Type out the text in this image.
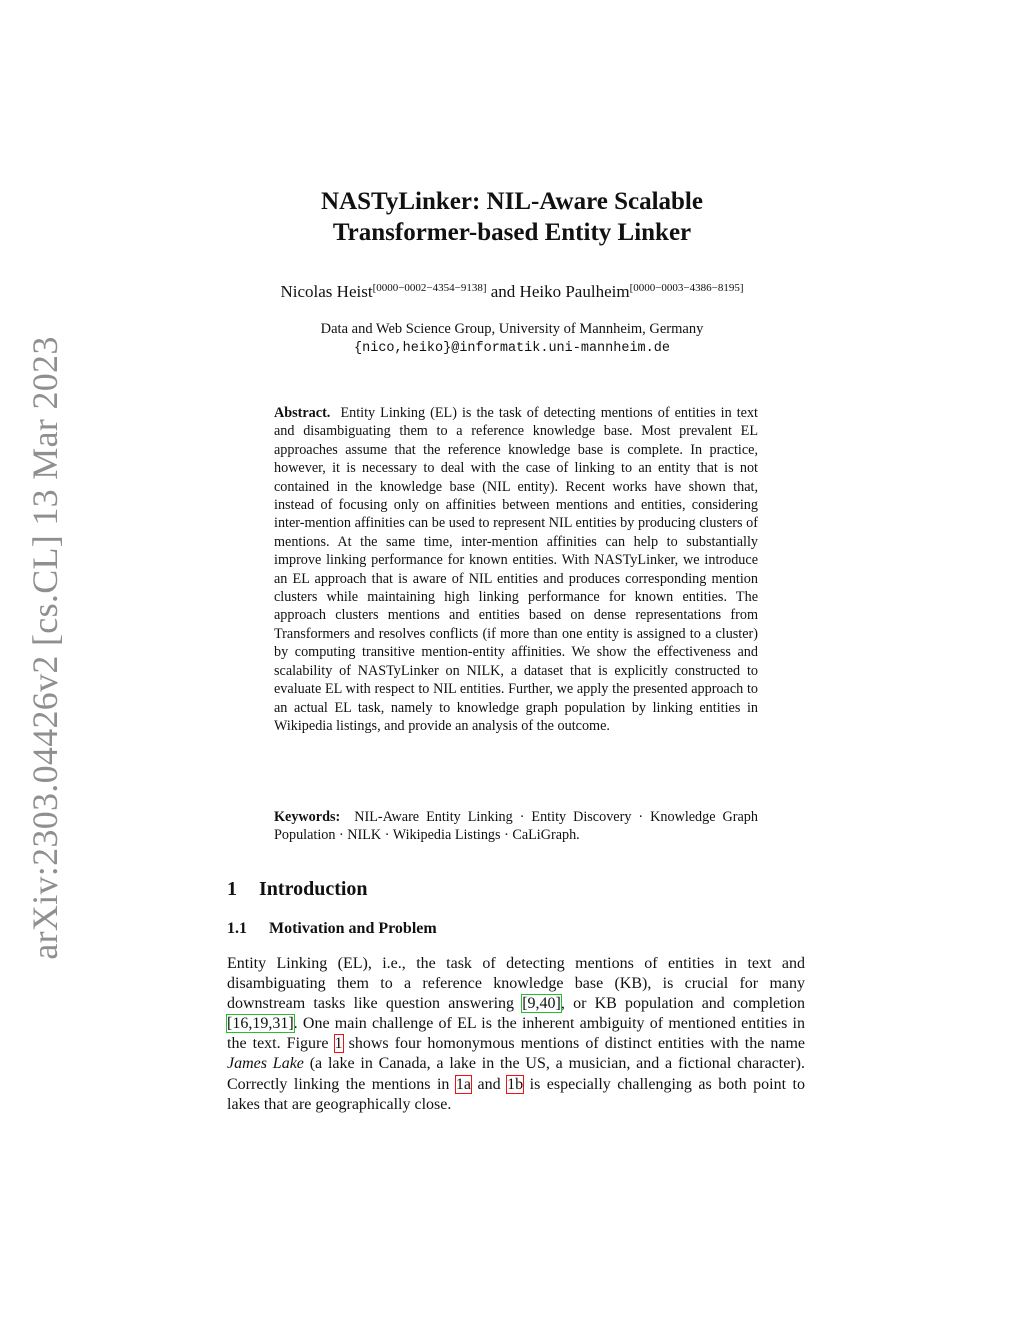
arXiv:2303.04426v2 [cs.CL] 13 Mar 2023
NASTyLinker: NIL-Aware Scalable
Transformer-based Entity Linker
Nicolas Heist[0000−0002−4354−9138] and Heiko Paulheim[0000−0003−4386−8195]
Data and Web Science Group, University of Mannheim, Germany
{nico,heiko}@informatik.uni-mannheim.de
Abstract. Entity Linking (EL) is the task of detecting mentions of entities in text and disambiguating them to a reference knowledge base. Most prevalent EL approaches assume that the reference knowledge base is complete. In practice, however, it is necessary to deal with the case of linking to an entity that is not contained in the knowledge base (NIL entity). Recent works have shown that, instead of focusing only on affinities between mentions and entities, considering inter-mention affinities can be used to represent NIL entities by producing clusters of mentions. At the same time, inter-mention affinities can help to substantially improve linking performance for known entities. With NASTyLinker, we introduce an EL approach that is aware of NIL entities and produces corresponding mention clusters while maintaining high linking performance for known entities. The approach clusters mentions and entities based on dense representations from Transformers and resolves conflicts (if more than one entity is assigned to a cluster) by computing transitive mention-entity affinities. We show the effectiveness and scalability of NASTyLinker on NILK, a dataset that is explicitly constructed to evaluate EL with respect to NIL entities. Further, we apply the presented approach to an actual EL task, namely to knowledge graph population by linking entities in Wikipedia listings, and provide an analysis of the outcome.
Keywords: NIL-Aware Entity Linking · Entity Discovery · Knowledge Graph Population · NILK · Wikipedia Listings · CaLiGraph.
1 Introduction
1.1 Motivation and Problem
Entity Linking (EL), i.e., the task of detecting mentions of entities in text and disambiguating them to a reference knowledge base (KB), is crucial for many downstream tasks like question answering [9,40], or KB population and completion [16,19,31]. One main challenge of EL is the inherent ambiguity of mentioned entities in the text. Figure 1 shows four homonymous mentions of distinct entities with the name James Lake (a lake in Canada, a lake in the US, a musician, and a fictional character). Correctly linking the mentions in 1a and 1b is especially challenging as both point to lakes that are geographically close.
